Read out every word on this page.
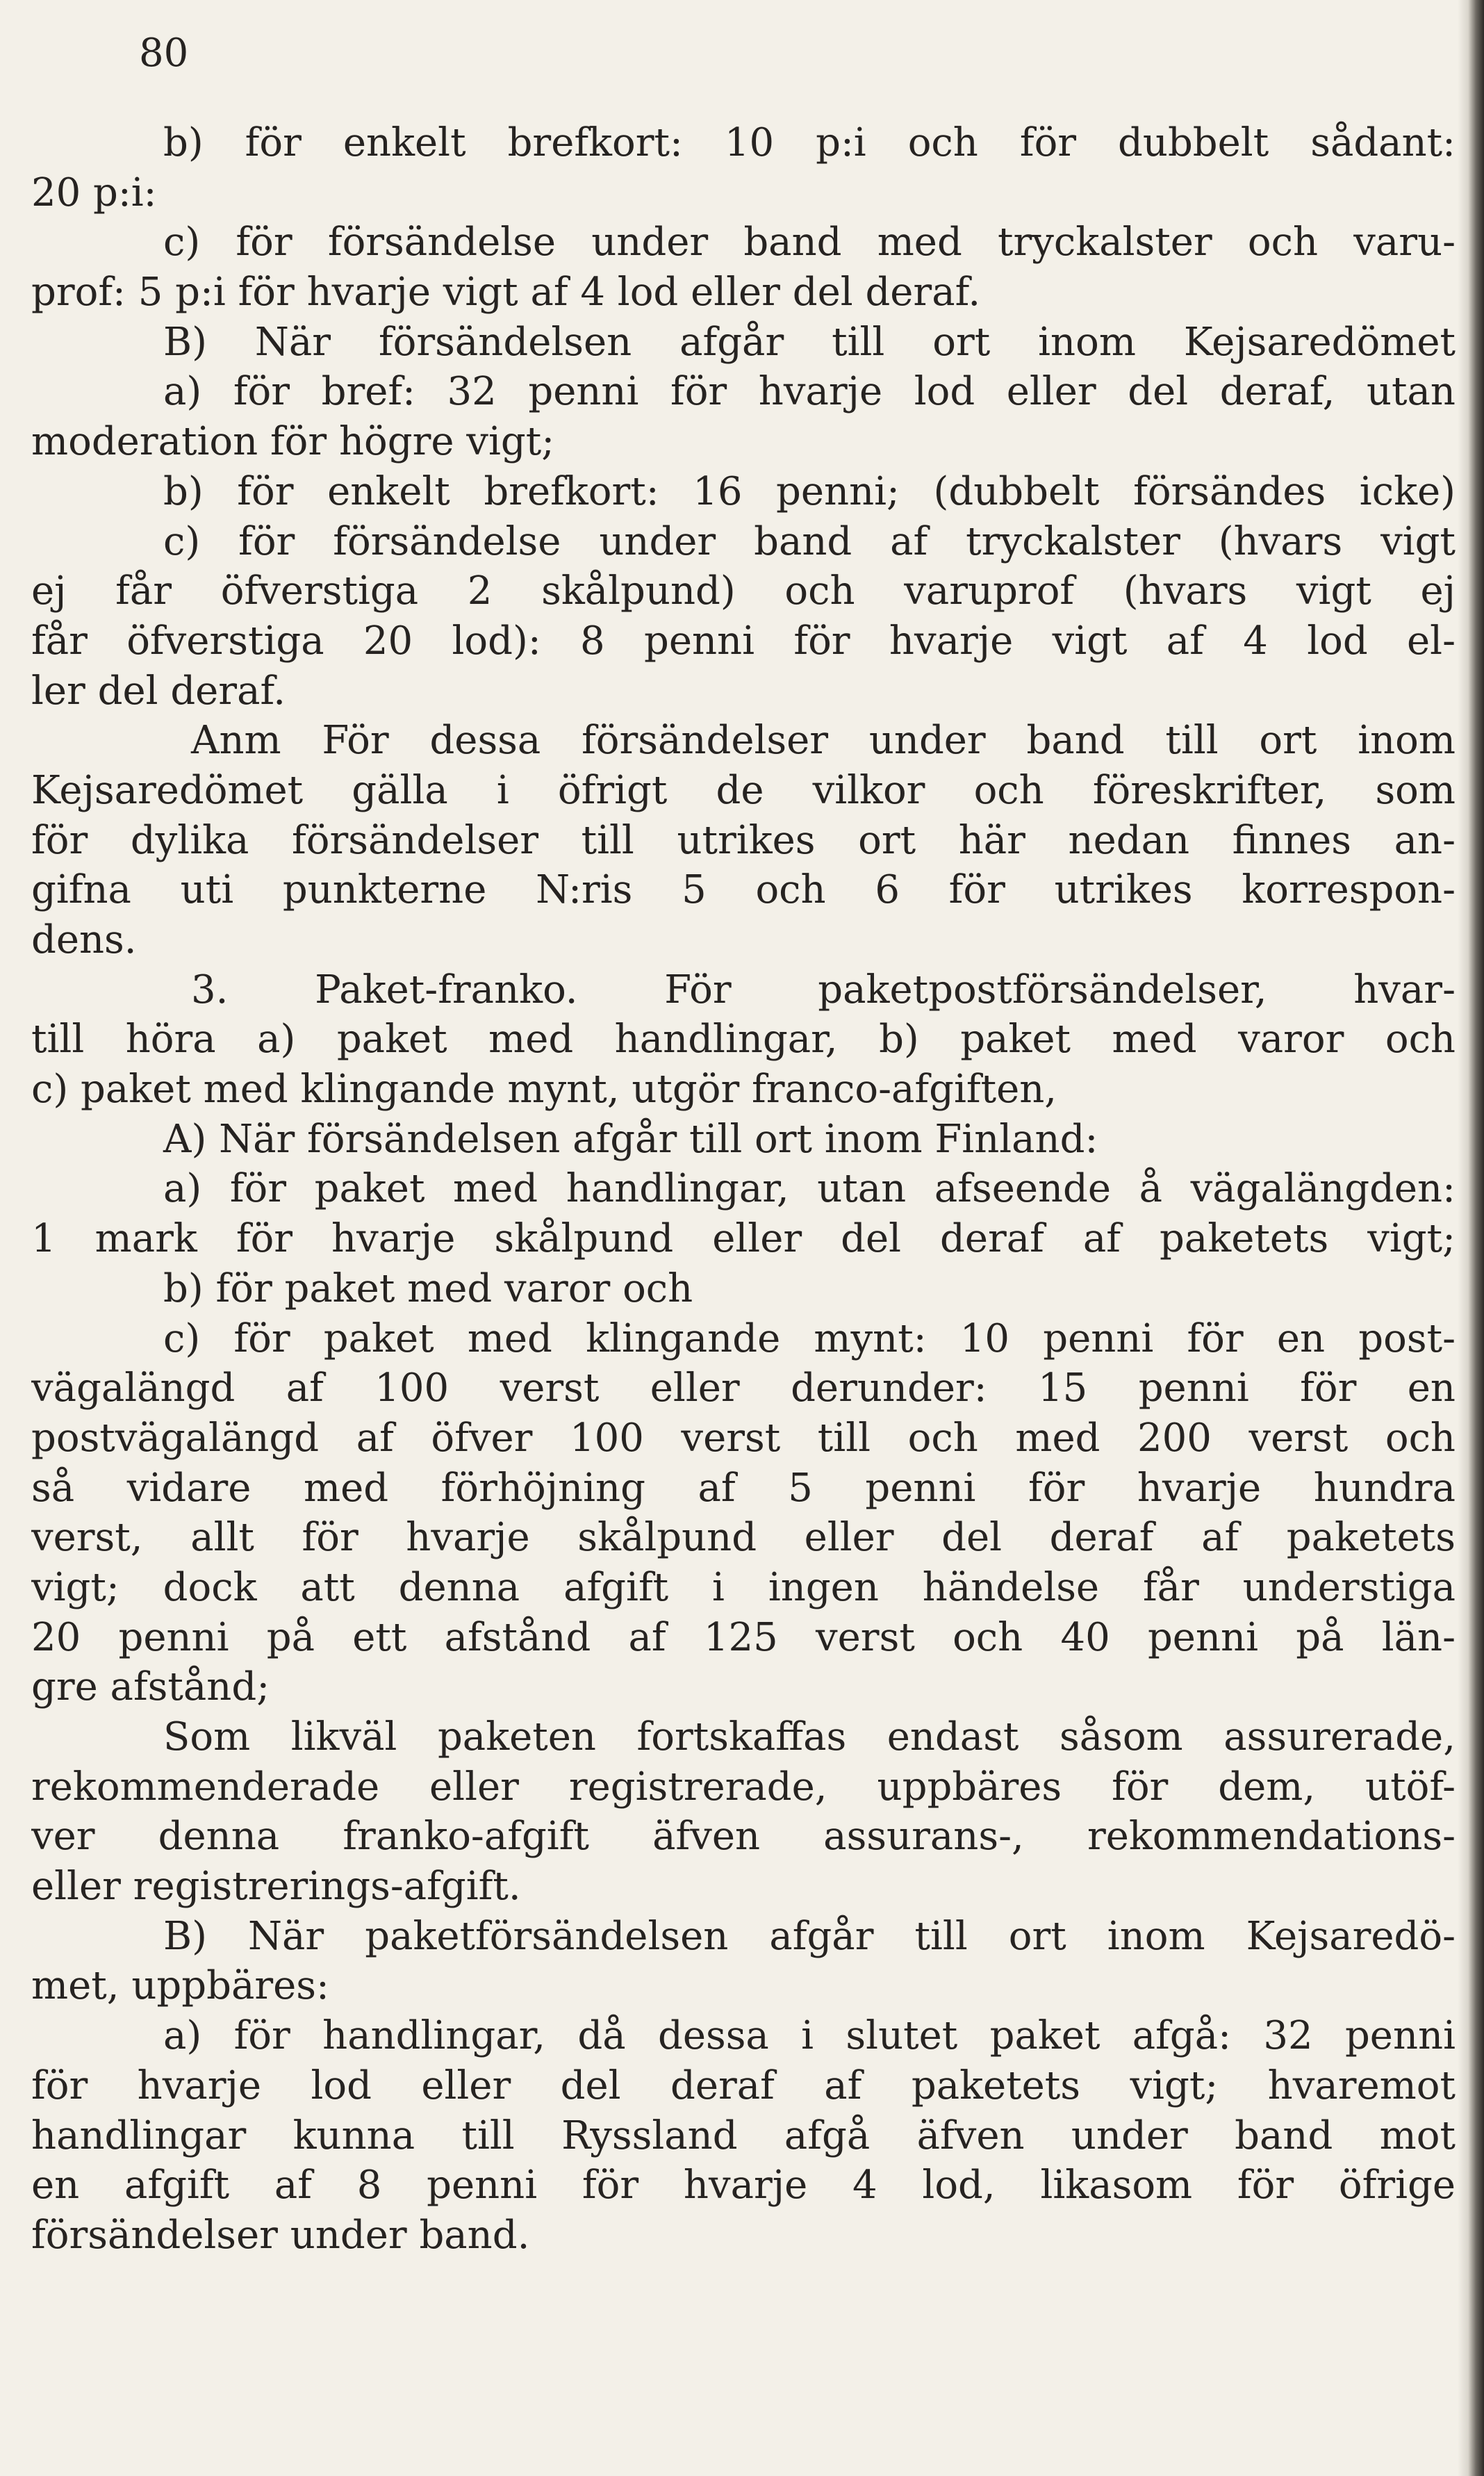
80
b) för enkelt brefkort: 10 p:i och för dubbelt sådant:
20 p:i:
c) för försändelse under band med tryckalster och varu-
prof: 5 p:i för hvarje vigt af 4 lod eller del deraf.
B) När försändelsen afgår till ort inom Kejsaredömet
a) för bref: 32 penni för hvarje lod eller del deraf, utan
moderation för högre vigt;
b) för enkelt brefkort: 16 penni; (dubbelt försändes icke)
c) för försändelse under band af tryckalster (hvars vigt
ej får öfverstiga 2 skålpund) och varuprof (hvars vigt ej
får öfverstiga 20 lod): 8 penni för hvarje vigt af 4 lod el-
ler del deraf.
Anm För dessa försändelser under band till ort inom
Kejsaredömet gälla i öfrigt de vilkor och föreskrifter, som
för dylika försändelser till utrikes ort här nedan finnes an-
gifna uti punkterne N:ris 5 och 6 för utrikes korrespon-
dens.
3. Paket-franko. För paketpostförsändelser, hvar-
till höra a) paket med handlingar, b) paket med varor och
c) paket med klingande mynt, utgör franco-afgiften,
A) När försändelsen afgår till ort inom Finland:
a) för paket med handlingar, utan afseende å vägalängden:
1 mark för hvarje skålpund eller del deraf af paketets vigt;
b) för paket med varor och
c) för paket med klingande mynt: 10 penni för en post-
vägalängd af 100 verst eller derunder: 15 penni för en
postvägalängd af öfver 100 verst till och med 200 verst och
så vidare med förhöjning af 5 penni för hvarje hundra
verst, allt för hvarje skålpund eller del deraf af paketets
vigt; dock att denna afgift i ingen händelse får understiga
20 penni på ett afstånd af 125 verst och 40 penni på län-
gre afstånd;
Som likväl paketen fortskaffas endast såsom assurerade,
rekommenderade eller registrerade, uppbäres för dem, utöf-
ver denna franko-afgift äfven assurans-, rekommendations-
eller registrerings-afgift.
B) När paketförsändelsen afgår till ort inom Kejsaredö-
met, uppbäres:
a) för handlingar, då dessa i slutet paket afgå: 32 penni
för hvarje lod eller del deraf af paketets vigt; hvaremot
handlingar kunna till Ryssland afgå äfven under band mot
en afgift af 8 penni för hvarje 4 lod, likasom för öfrige
försändelser under band.
